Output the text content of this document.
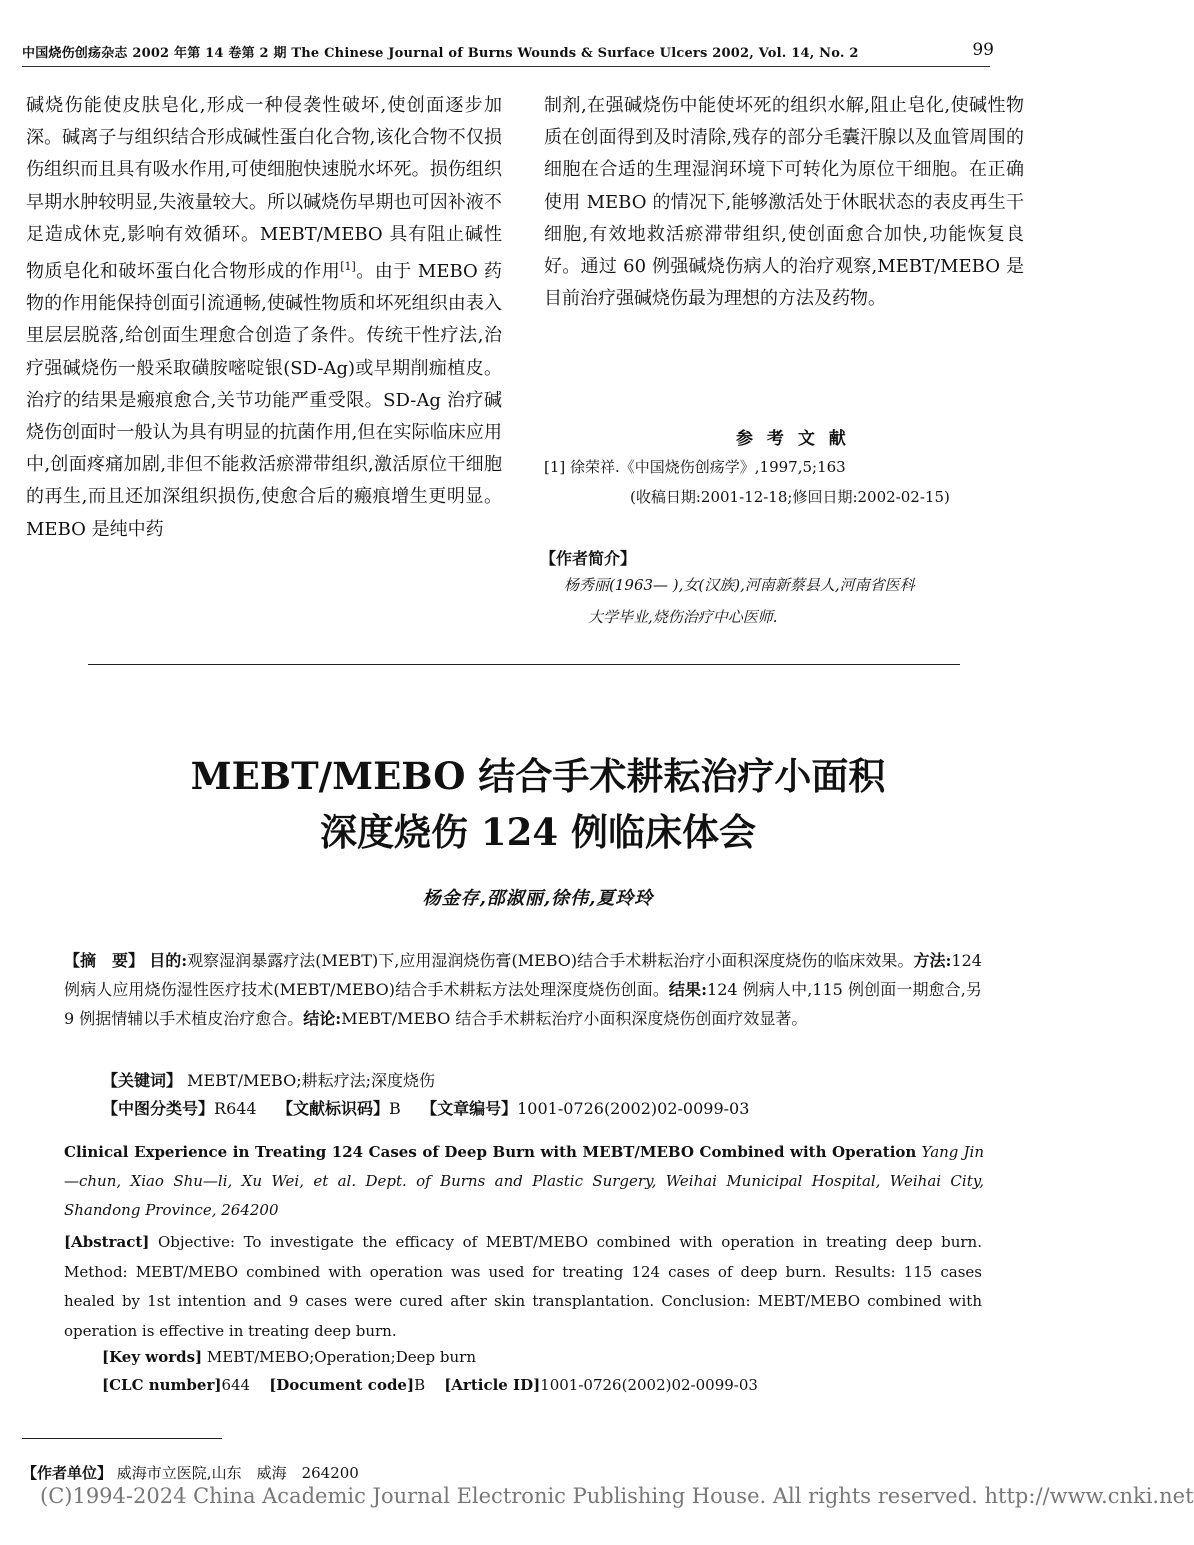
中国烧伤创疡杂志 2002 年第 14 卷第 2 期 The Chinese Journal of Burns Wounds & Surface Ulcers 2002, Vol. 14, No. 2	99

碱烧伤能使皮肤皂化,形成一种侵袭性破坏,使创面逐步加深。碱离子与组织结合形成碱性蛋白化合物,该化合物不仅损伤组织而且具有吸水作用,可使细胞快速脱水坏死。损伤组织早期水肿较明显,失液量较大。所以碱烧伤早期也可因补液不足造成休克,影响有效循环。MEBT/MEBO 具有阻止碱性物质皂化和破坏蛋白化合物形成的作用[1]。由于 MEBO 药物的作用能保持创面引流通畅,使碱性物质和坏死组织由表入里层层脱落,给创面生理愈合创造了条件。传统干性疗法,治疗强碱烧伤一般采取磺胺嘧啶银(SD-Ag)或早期削痂植皮。治疗的结果是瘢痕愈合,关节功能严重受限。SD-Ag 治疗碱烧伤创面时一般认为具有明显的抗菌作用,但在实际临床应用中,创面疼痛加剧,非但不能救活瘀滞带组织,激活原位干细胞的再生,而且还加深组织损伤,使愈合后的瘢痕增生更明显。MEBO 是纯中药

制剂,在强碱烧伤中能使坏死的组织水解,阻止皂化,使碱性物质在创面得到及时清除,残存的部分毛囊汗腺以及血管周围的细胞在合适的生理湿润环境下可转化为原位干细胞。在正确使用 MEBO 的情况下,能够激活处于休眠状态的表皮再生干细胞,有效地救活瘀滞带组织,使创面愈合加快,功能恢复良好。通过 60 例强碱烧伤病人的治疗观察,MEBT/MEBO 是目前治疗强碱烧伤最为理想的方法及药物。

参 考 文 献
[1] 徐荣祥.《中国烧伤创疡学》,1997,5;163
(收稿日期:2001-12-18;修回日期:2002-02-15)
【作者简介】
杨秀丽(1963— ),女(汉族),河南新蔡县人,河南省医科
大学毕业,烧伤治疗中心医师.
MEBT/MEBO 结合手术耕耘治疗小面积
深度烧伤 124 例临床体会
杨金存,邵淑丽,徐伟,夏玲玲
【摘　要】 目的:观察湿润暴露疗法(MEBT)下,应用湿润烧伤膏(MEBO)结合手术耕耘治疗小面积深度烧伤的临床效果。方法:124 例病人应用烧伤湿性医疗技术(MEBT/MEBO)结合手术耕耘方法处理深度烧伤创面。结果:124 例病人中,115 例创面一期愈合,另 9 例据情辅以手术植皮治疗愈合。结论:MEBT/MEBO 结合手术耕耘治疗小面积深度烧伤创面疗效显著。
【关键词】 MEBT/MEBO;耕耘疗法;深度烧伤
【中图分类号】R644 【文献标识码】B 【文章编号】1001-0726(2002)02-0099-03
Clinical Experience in Treating 124 Cases of Deep Burn with MEBT/MEBO Combined with Operation Yang Jin—chun, Xiao Shu—li, Xu Wei, et al. Dept. of Burns and Plastic Surgery, Weihai Municipal Hospital, Weihai City, Shandong Province, 264200
[Abstract] Objective: To investigate the efficacy of MEBT/MEBO combined with operation in treating deep burn. Method: MEBT/MEBO combined with operation was used for treating 124 cases of deep burn. Results: 115 cases healed by 1st intention and 9 cases were cured after skin transplantation. Conclusion: MEBT/MEBO combined with operation is effective in treating deep burn.
[Key words] MEBT/MEBO;Operation;Deep burn
[CLC number]644 [Document code]B [Article ID]1001-0726(2002)02-0099-03
【作者单位】 威海市立医院,山东　威海　264200
(C)1994-2024 China Academic Journal Electronic Publishing House. All rights reserved. http://www.cnki.net
